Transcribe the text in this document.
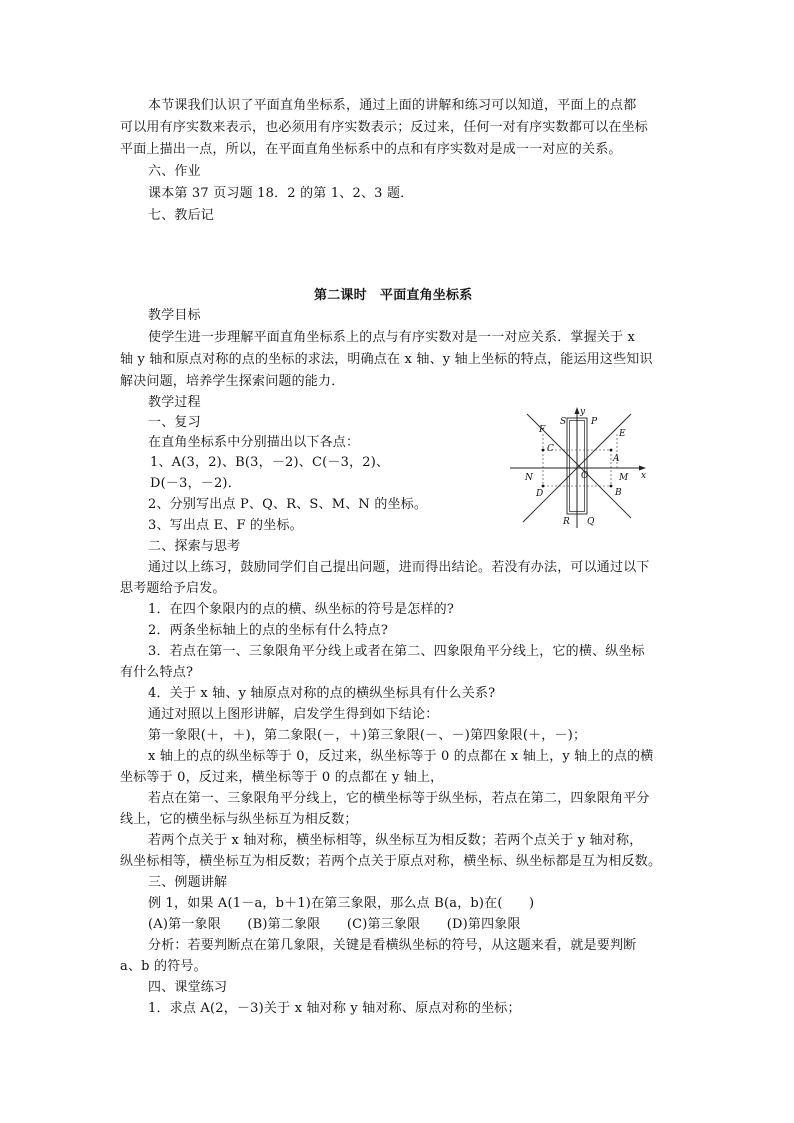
本节课我们认识了平面直角坐标系，通过上面的讲解和练习可以知道，平面上的点都
可以用有序实数来表示，也必须用有序实数表示；反过来，任何一对有序实数都可以在坐标
平面上描出一点，所以，在平面直角坐标系中的点和有序实数对是成一一对应的关系。
六、作业
课本第 37 页习题 18．2 的第 1、2、3 题．
七、教后记
第二课时　平面直角坐标系
教学目标
使学生进一步理解平面直角坐标系上的点与有序实数对是一一对应关系．掌握关于 x
轴 y 轴和原点对称的点的坐标的求法，明确点在 x 轴、y 轴上坐标的特点，能运用这些知识
解决问题，培养学生探索问题的能力．
教学过程
一、复习
在直角坐标系中分别描出以下各点：
1、A(3，2)、B(3，－2)、C(－3，2)、
D(－3，－2)．
2、分别写出点 P、Q、R、S、M、N 的坐标。
3、写出点 E、F 的坐标。
y
x
S	P
F	E
C
A
N	O	M
D	B
R Q
二、探索与思考
通过以上练习，鼓励同学们自己提出问题，进而得出结论。若没有办法，可以通过以下
思考题给予启发。
1．在四个象限内的点的横、纵坐标的符号是怎样的?
2．两条坐标轴上的点的坐标有什么特点?
3．若点在第一、三象限角平分线上或者在第二、四象限角平分线上，它的横、纵坐标
有什么特点?
4．关于 x 轴、y 轴原点对称的点的横纵坐标具有什么关系?
通过对照以上图形讲解，启发学生得到如下结论：
第一象限(＋，＋)，第二象限(－，＋)第三象限(－、－)第四象限(＋，－)；
x 轴上的点的纵坐标等于 0，反过来，纵坐标等于 0 的点都在 x 轴上，y 轴上的点的横
坐标等于 0，反过来，横坐标等于 0 的点都在 y 轴上，
若点在第一、三象限角平分线上，它的横坐标等于纵坐标，若点在第二，四象限角平分
线上，它的横坐标与纵坐标互为相反数；
若两个点关于 x 轴对称，横坐标相等，纵坐标互为相反数；若两个点关于 y 轴对称，
纵坐标相等，横坐标互为相反数；若两个点关于原点对称，横坐标、纵坐标都是互为相反数。
三、例题讲解
例 1，如果 A(1－a，b＋1)在第三象限，那么点 B(a，b)在(　　)
(A)第一象限　　(B)第二象限　　(C)第三象限　　(D)第四象限
分析：若要判断点在第几象限，关键是看横纵坐标的符号，从这题来看，就是要判断
a、b 的符号。
四、课堂练习
1．求点 A(2，－3)关于 x 轴对称 y 轴对称、原点对称的坐标；
